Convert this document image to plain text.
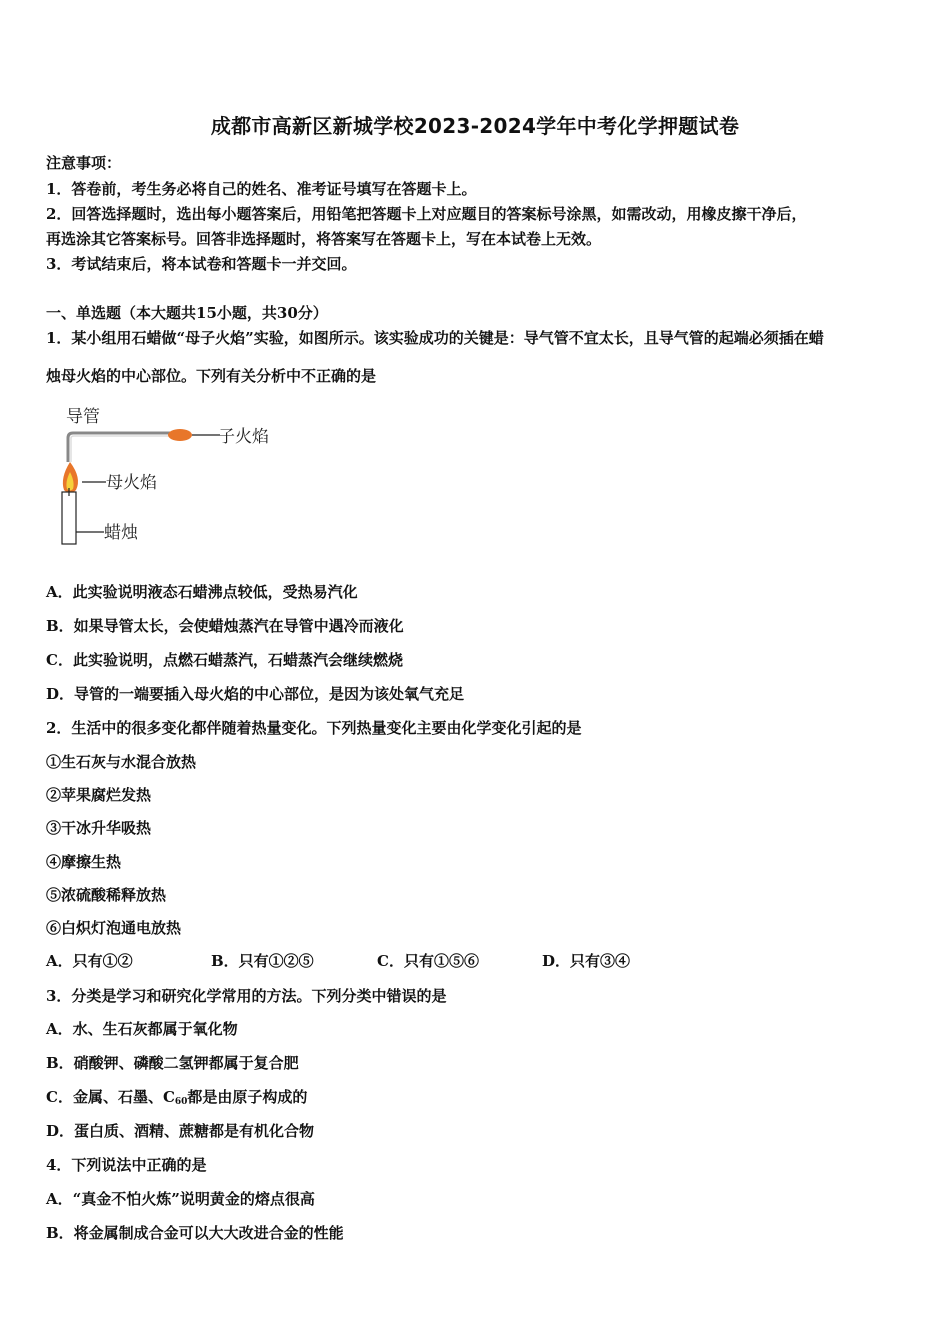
成都市高新区新城学校2023-2024学年中考化学押题试卷
注意事项：
1．答卷前，考生务必将自己的姓名、准考证号填写在答题卡上。
2．回答选择题时，选出每小题答案后，用铅笔把答题卡上对应题目的答案标号涂黑，如需改动，用橡皮擦干净后，
再选涂其它答案标号。回答非选择题时，将答案写在答题卡上，写在本试卷上无效。
3．考试结束后，将本试卷和答题卡一并交回。
一、单选题（本大题共15小题，共30分）
1．某小组用石蜡做“母子火焰”实验，如图所示。该实验成功的关键是：导气管不宜太长，且导气管的起端必须插在蜡
烛母火焰的中心部位。下列有关分析中不正确的是
子火焰
导管
母火焰
蜡烛
A．此实验说明液态石蜡沸点较低，受热易汽化
B．如果导管太长，会使蜡烛蒸汽在导管中遇冷而液化
C．此实验说明，点燃石蜡蒸汽，石蜡蒸汽会继续燃烧
D．导管的一端要插入母火焰的中心部位，是因为该处氧气充足
2．生活中的很多变化都伴随着热量变化。下列热量变化主要由化学变化引起的是
①生石灰与水混合放热
②苹果腐烂发热
③干冰升华吸热
④摩擦生热
⑤浓硫酸稀释放热
⑥白炽灯泡通电放热
A．只有①②	B．只有①②⑤	C．只有①⑤⑥	D．只有③④
3．分类是学习和研究化学常用的方法。下列分类中错误的是
A．水、生石灰都属于氧化物
B．硝酸钾、磷酸二氢钾都属于复合肥
C．金属、石墨、$C_{60}$都是由原子构成的
D．蛋白质、酒精、蔗糖都是有机化合物
4．下列说法中正确的是
A．“真金不怕火炼”说明黄金的熔点很高
B．将金属制成合金可以大大改进合金的性能
